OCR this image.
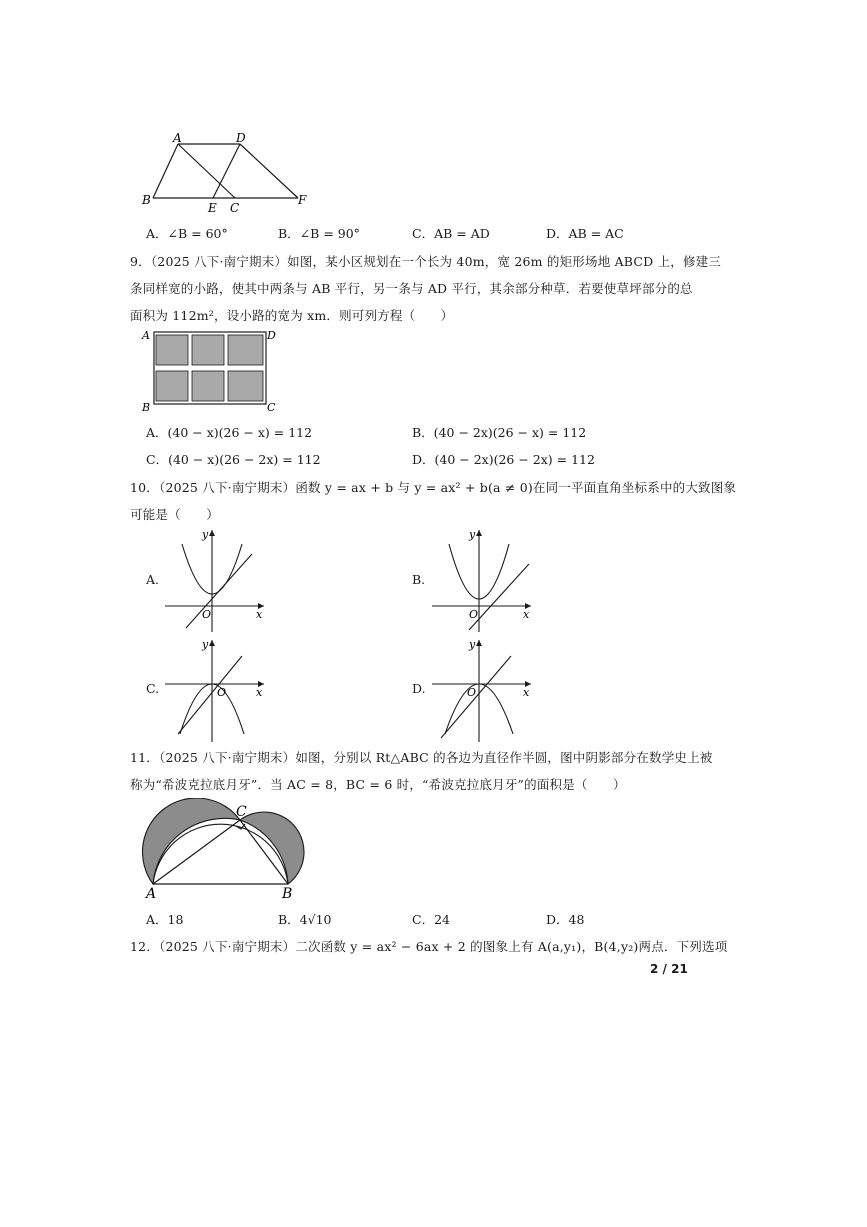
A	D
B
E C
F
A．∠B = 60°	B．∠B = 90°	C．AB = AD	D．AB = AC
9．（2025 八下·南宁期末）如图，某小区规划在一个长为 40m，宽 26m 的矩形场地 ABCD 上，修建三
条同样宽的小路，使其中两条与 AB 平行，另一条与 AD 平行，其余部分种草．若要使草坪部分的总
面积为 112m²，设小路的宽为 xm．则可列方程（　　）
A	D
B	C
A．(40 − x)(26 − x) = 112	B．(40 − 2x)(26 − x) = 112
C．(40 − x)(26 − 2x) = 112	D．(40 − 2x)(26 − 2x) = 112
10．（2025 八下·南宁期末）函数 y = ax + b 与 y = ax² + b(a ≠ 0)在同一平面直角坐标系中的大致图象
可能是（　　）
A.
y
x
O
B.
y
x
O
C.
y
x
O	D.
y
x
O
11．（2025 八下·南宁期末）如图，分别以 Rt△ABC 的各边为直径作半圆，图中阴影部分在数学史上被
称为“希波克拉底月牙”．当 AC = 8，BC = 6 时，“希波克拉底月牙”的面积是（　　）
C
A	B
A．18	B．4√10	C．24	D．48
12．（2025 八下·南宁期末）二次函数 y = ax² − 6ax + 2 的图象上有 A(a,y₁)，B(4,y₂)两点．下列选项
2 / 21
